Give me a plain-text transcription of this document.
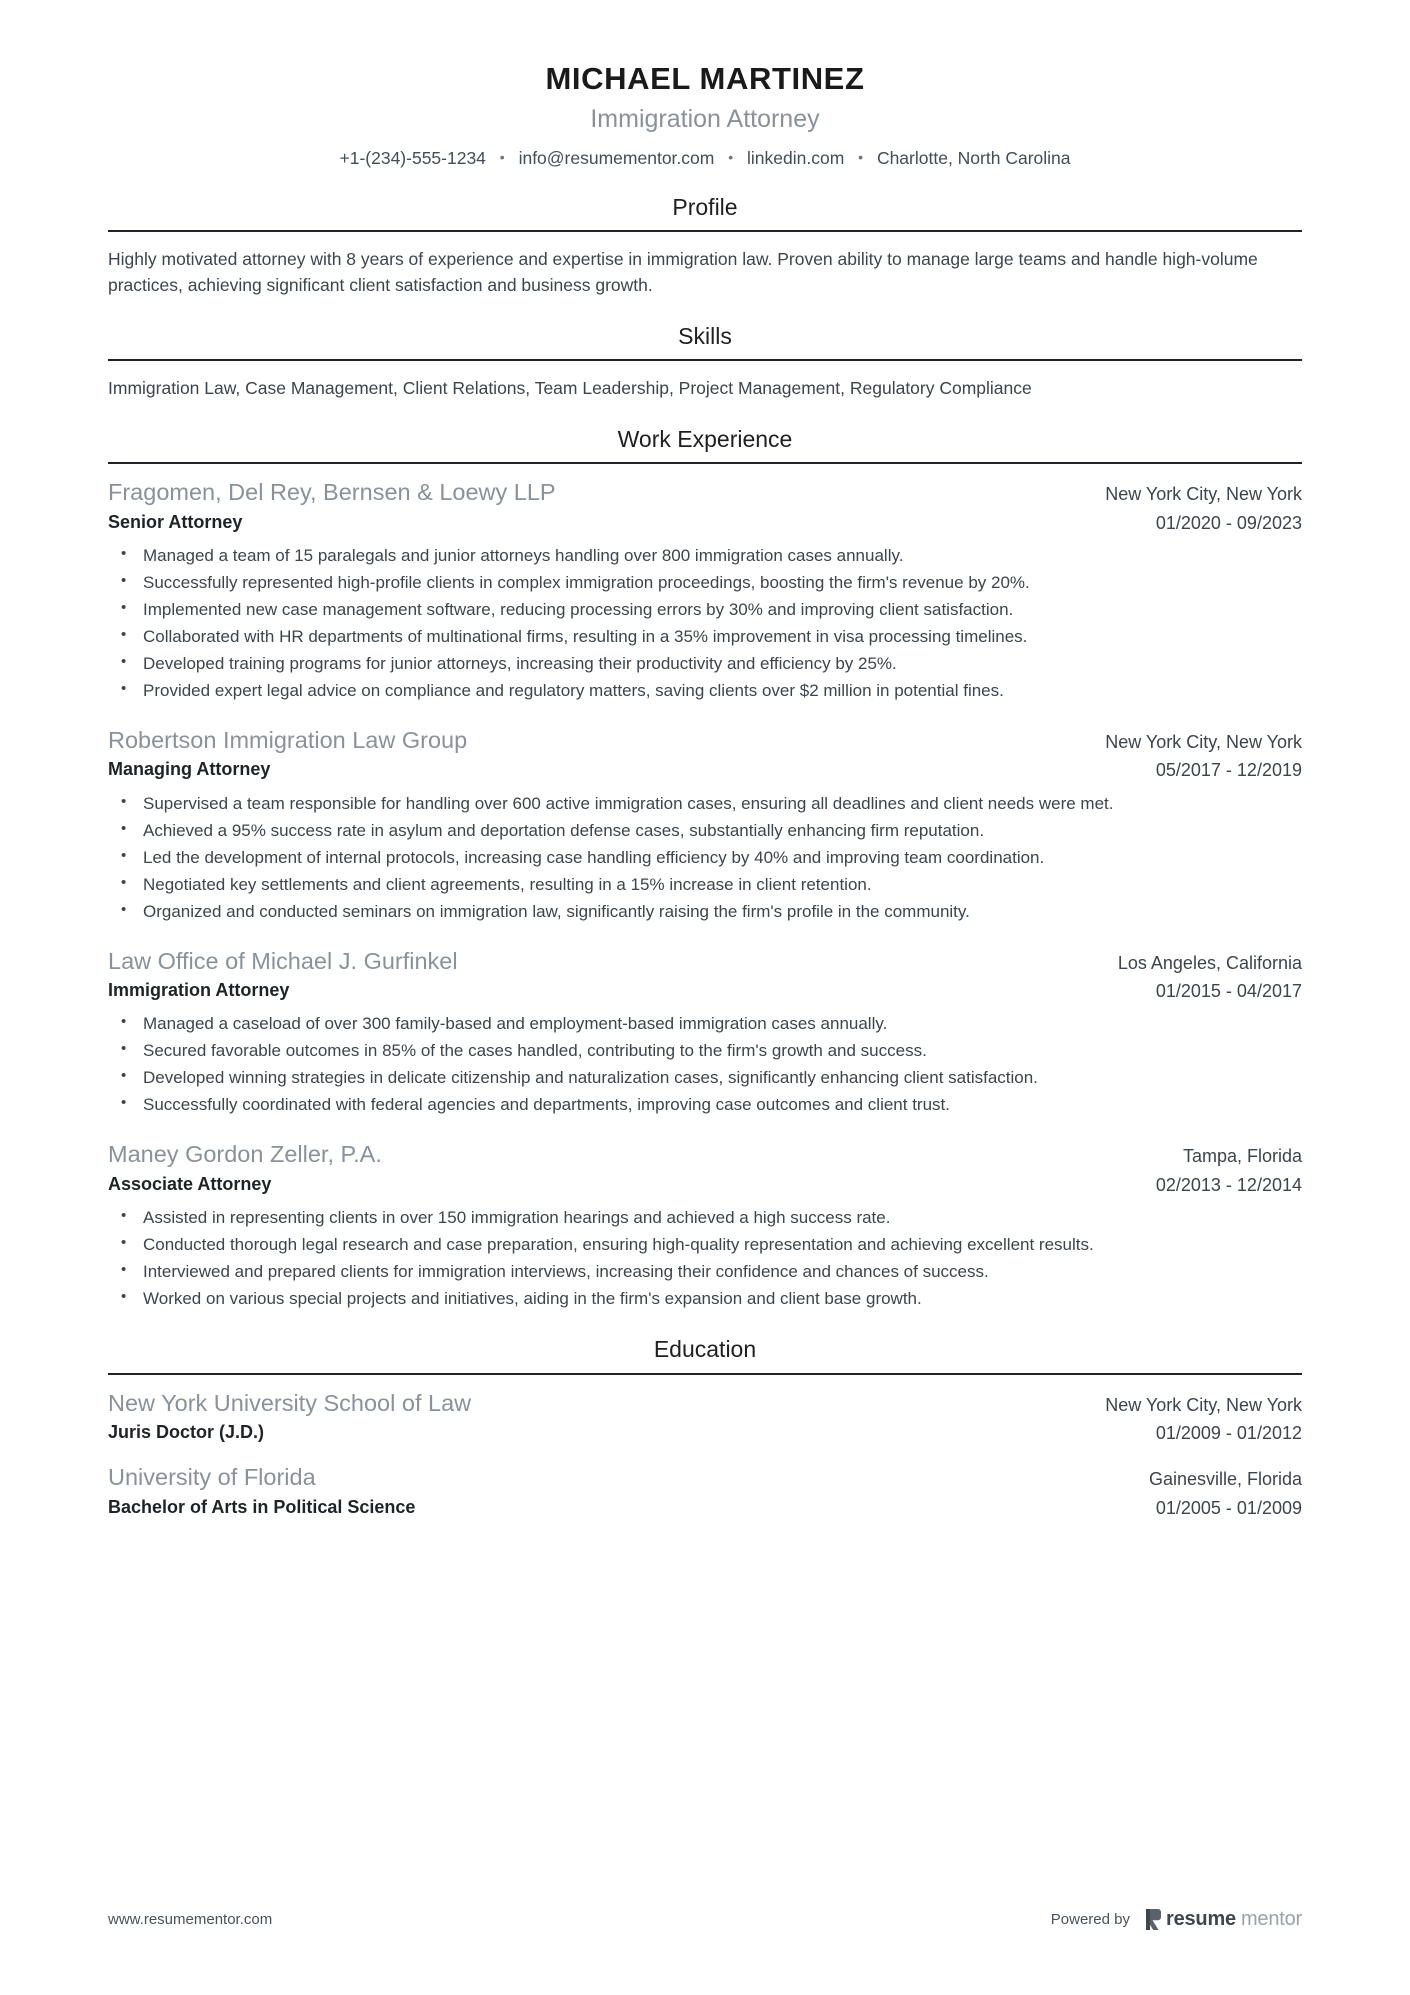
MICHAEL MARTINEZ
Immigration Attorney
+1-(234)-555-1234 • info@resumementor.com • linkedin.com • Charlotte, North Carolina
Profile

Highly motivated attorney with 8 years of experience and expertise in immigration law. Proven ability to manage large teams and handle high-volume practices, achieving significant client satisfaction and business growth.

Skills

Immigration Law, Case Management, Client Relations, Team Leadership, Project Management, Regulatory Compliance

Work Experience
Fragomen, Del Rey, Bernsen & Loewy LLP
Senior Attorney
New York City, New York
01/2020 - 09/2023
• Managed a team of 15 paralegals and junior attorneys handling over 800 immigration cases annually.
• Successfully represented high-profile clients in complex immigration proceedings, boosting the firm's revenue by 20%.
• Implemented new case management software, reducing processing errors by 30% and improving client satisfaction.
• Collaborated with HR departments of multinational firms, resulting in a 35% improvement in visa processing timelines.
• Developed training programs for junior attorneys, increasing their productivity and efficiency by 25%.
• Provided expert legal advice on compliance and regulatory matters, saving clients over $2 million in potential fines.
Robertson Immigration Law Group
Managing Attorney
New York City, New York
05/2017 - 12/2019
• Supervised a team responsible for handling over 600 active immigration cases, ensuring all deadlines and client needs were met.
• Achieved a 95% success rate in asylum and deportation defense cases, substantially enhancing firm reputation.
• Led the development of internal protocols, increasing case handling efficiency by 40% and improving team coordination.
• Negotiated key settlements and client agreements, resulting in a 15% increase in client retention.
• Organized and conducted seminars on immigration law, significantly raising the firm's profile in the community.
Law Office of Michael J. Gurfinkel
Immigration Attorney
Los Angeles, California
01/2015 - 04/2017
• Managed a caseload of over 300 family-based and employment-based immigration cases annually.
• Secured favorable outcomes in 85% of the cases handled, contributing to the firm's growth and success.
• Developed winning strategies in delicate citizenship and naturalization cases, significantly enhancing client satisfaction.
• Successfully coordinated with federal agencies and departments, improving case outcomes and client trust.
Maney Gordon Zeller, P.A.
Associate Attorney
Tampa, Florida
02/2013 - 12/2014
• Assisted in representing clients in over 150 immigration hearings and achieved a high success rate.
• Conducted thorough legal research and case preparation, ensuring high-quality representation and achieving excellent results.
• Interviewed and prepared clients for immigration interviews, increasing their confidence and chances of success.
• Worked on various special projects and initiatives, aiding in the firm's expansion and client base growth.
Education
New York University School of Law
Juris Doctor (J.D.)
New York City, New York
01/2009 - 01/2012
University of Florida
Bachelor of Arts in Political Science
Gainesville, Florida
01/2005 - 01/2009
www.resumementor.com	Powered by resume mentor
